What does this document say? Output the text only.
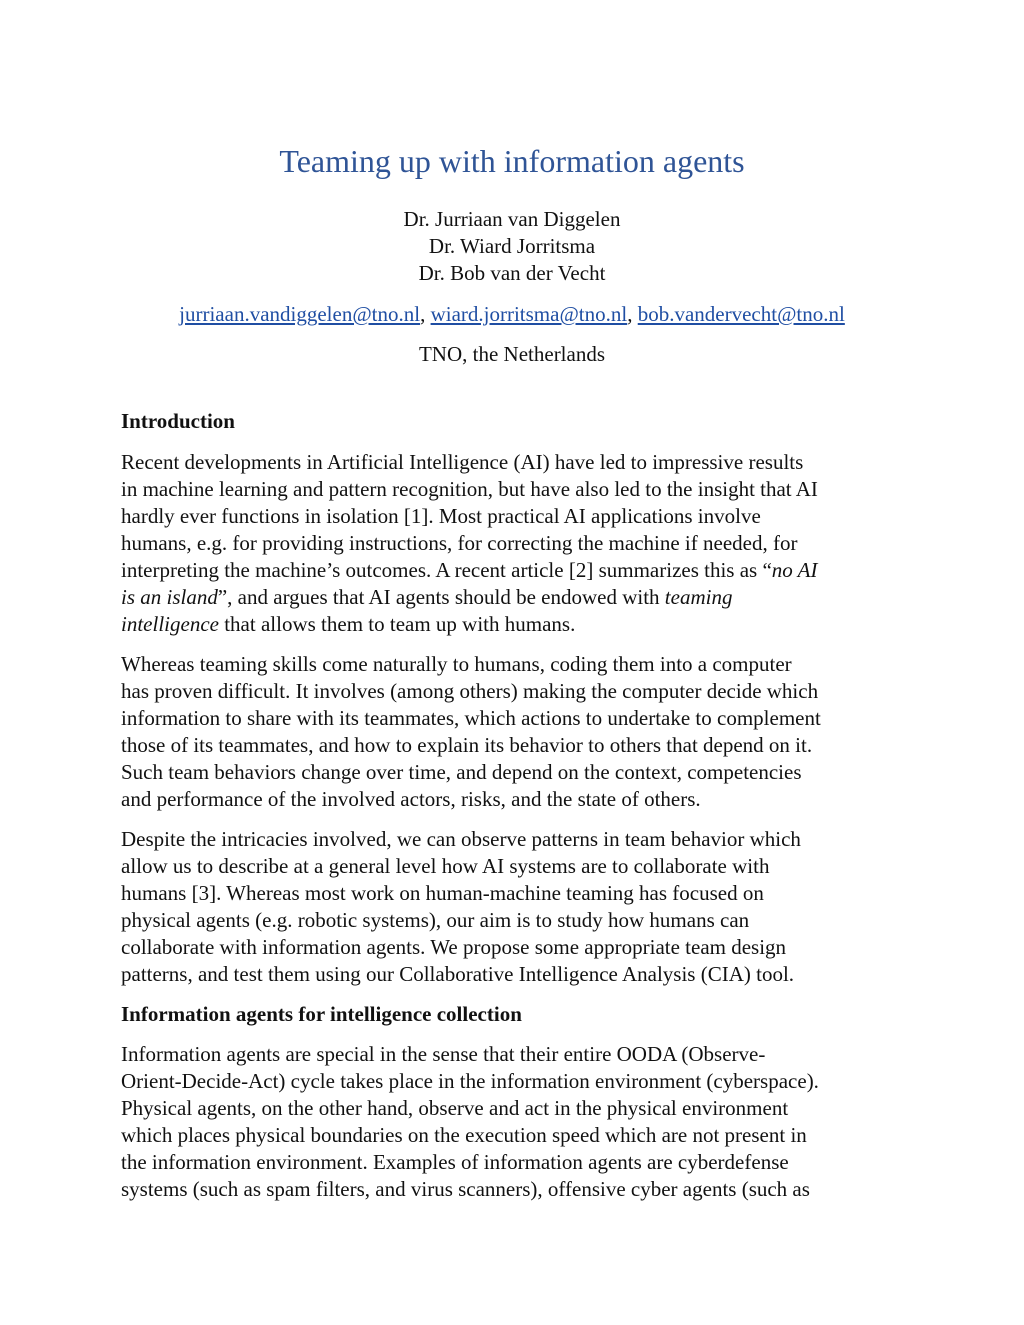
Teaming up with information agents
Dr. Jurriaan van Diggelen
Dr. Wiard Jorritsma
Dr. Bob van der Vecht
jurriaan.vandiggelen@tno.nl, wiard.jorritsma@tno.nl, bob.vandervecht@tno.nl
TNO, the Netherlands
Introduction
Recent developments in Artificial Intelligence (AI) have led to impressive results
in machine learning and pattern recognition, but have also led to the insight that AI
hardly ever functions in isolation [1]. Most practical AI applications involve
humans, e.g. for providing instructions, for correcting the machine if needed, for
interpreting the machine’s outcomes. A recent article [2] summarizes this as “no AI
is an island”, and argues that AI agents should be endowed with teaming
intelligence that allows them to team up with humans.
Whereas teaming skills come naturally to humans, coding them into a computer
has proven difficult. It involves (among others) making the computer decide which
information to share with its teammates, which actions to undertake to complement
those of its teammates, and how to explain its behavior to others that depend on it.
Such team behaviors change over time, and depend on the context, competencies
and performance of the involved actors, risks, and the state of others.
Despite the intricacies involved, we can observe patterns in team behavior which
allow us to describe at a general level how AI systems are to collaborate with
humans [3]. Whereas most work on human-machine teaming has focused on
physical agents (e.g. robotic systems), our aim is to study how humans can
collaborate with information agents. We propose some appropriate team design
patterns, and test them using our Collaborative Intelligence Analysis (CIA) tool.
Information agents for intelligence collection
Information agents are special in the sense that their entire OODA (Observe-
Orient-Decide-Act) cycle takes place in the information environment (cyberspace).
Physical agents, on the other hand, observe and act in the physical environment
which places physical boundaries on the execution speed which are not present in
the information environment. Examples of information agents are cyberdefense
systems (such as spam filters, and virus scanners), offensive cyber agents (such as
